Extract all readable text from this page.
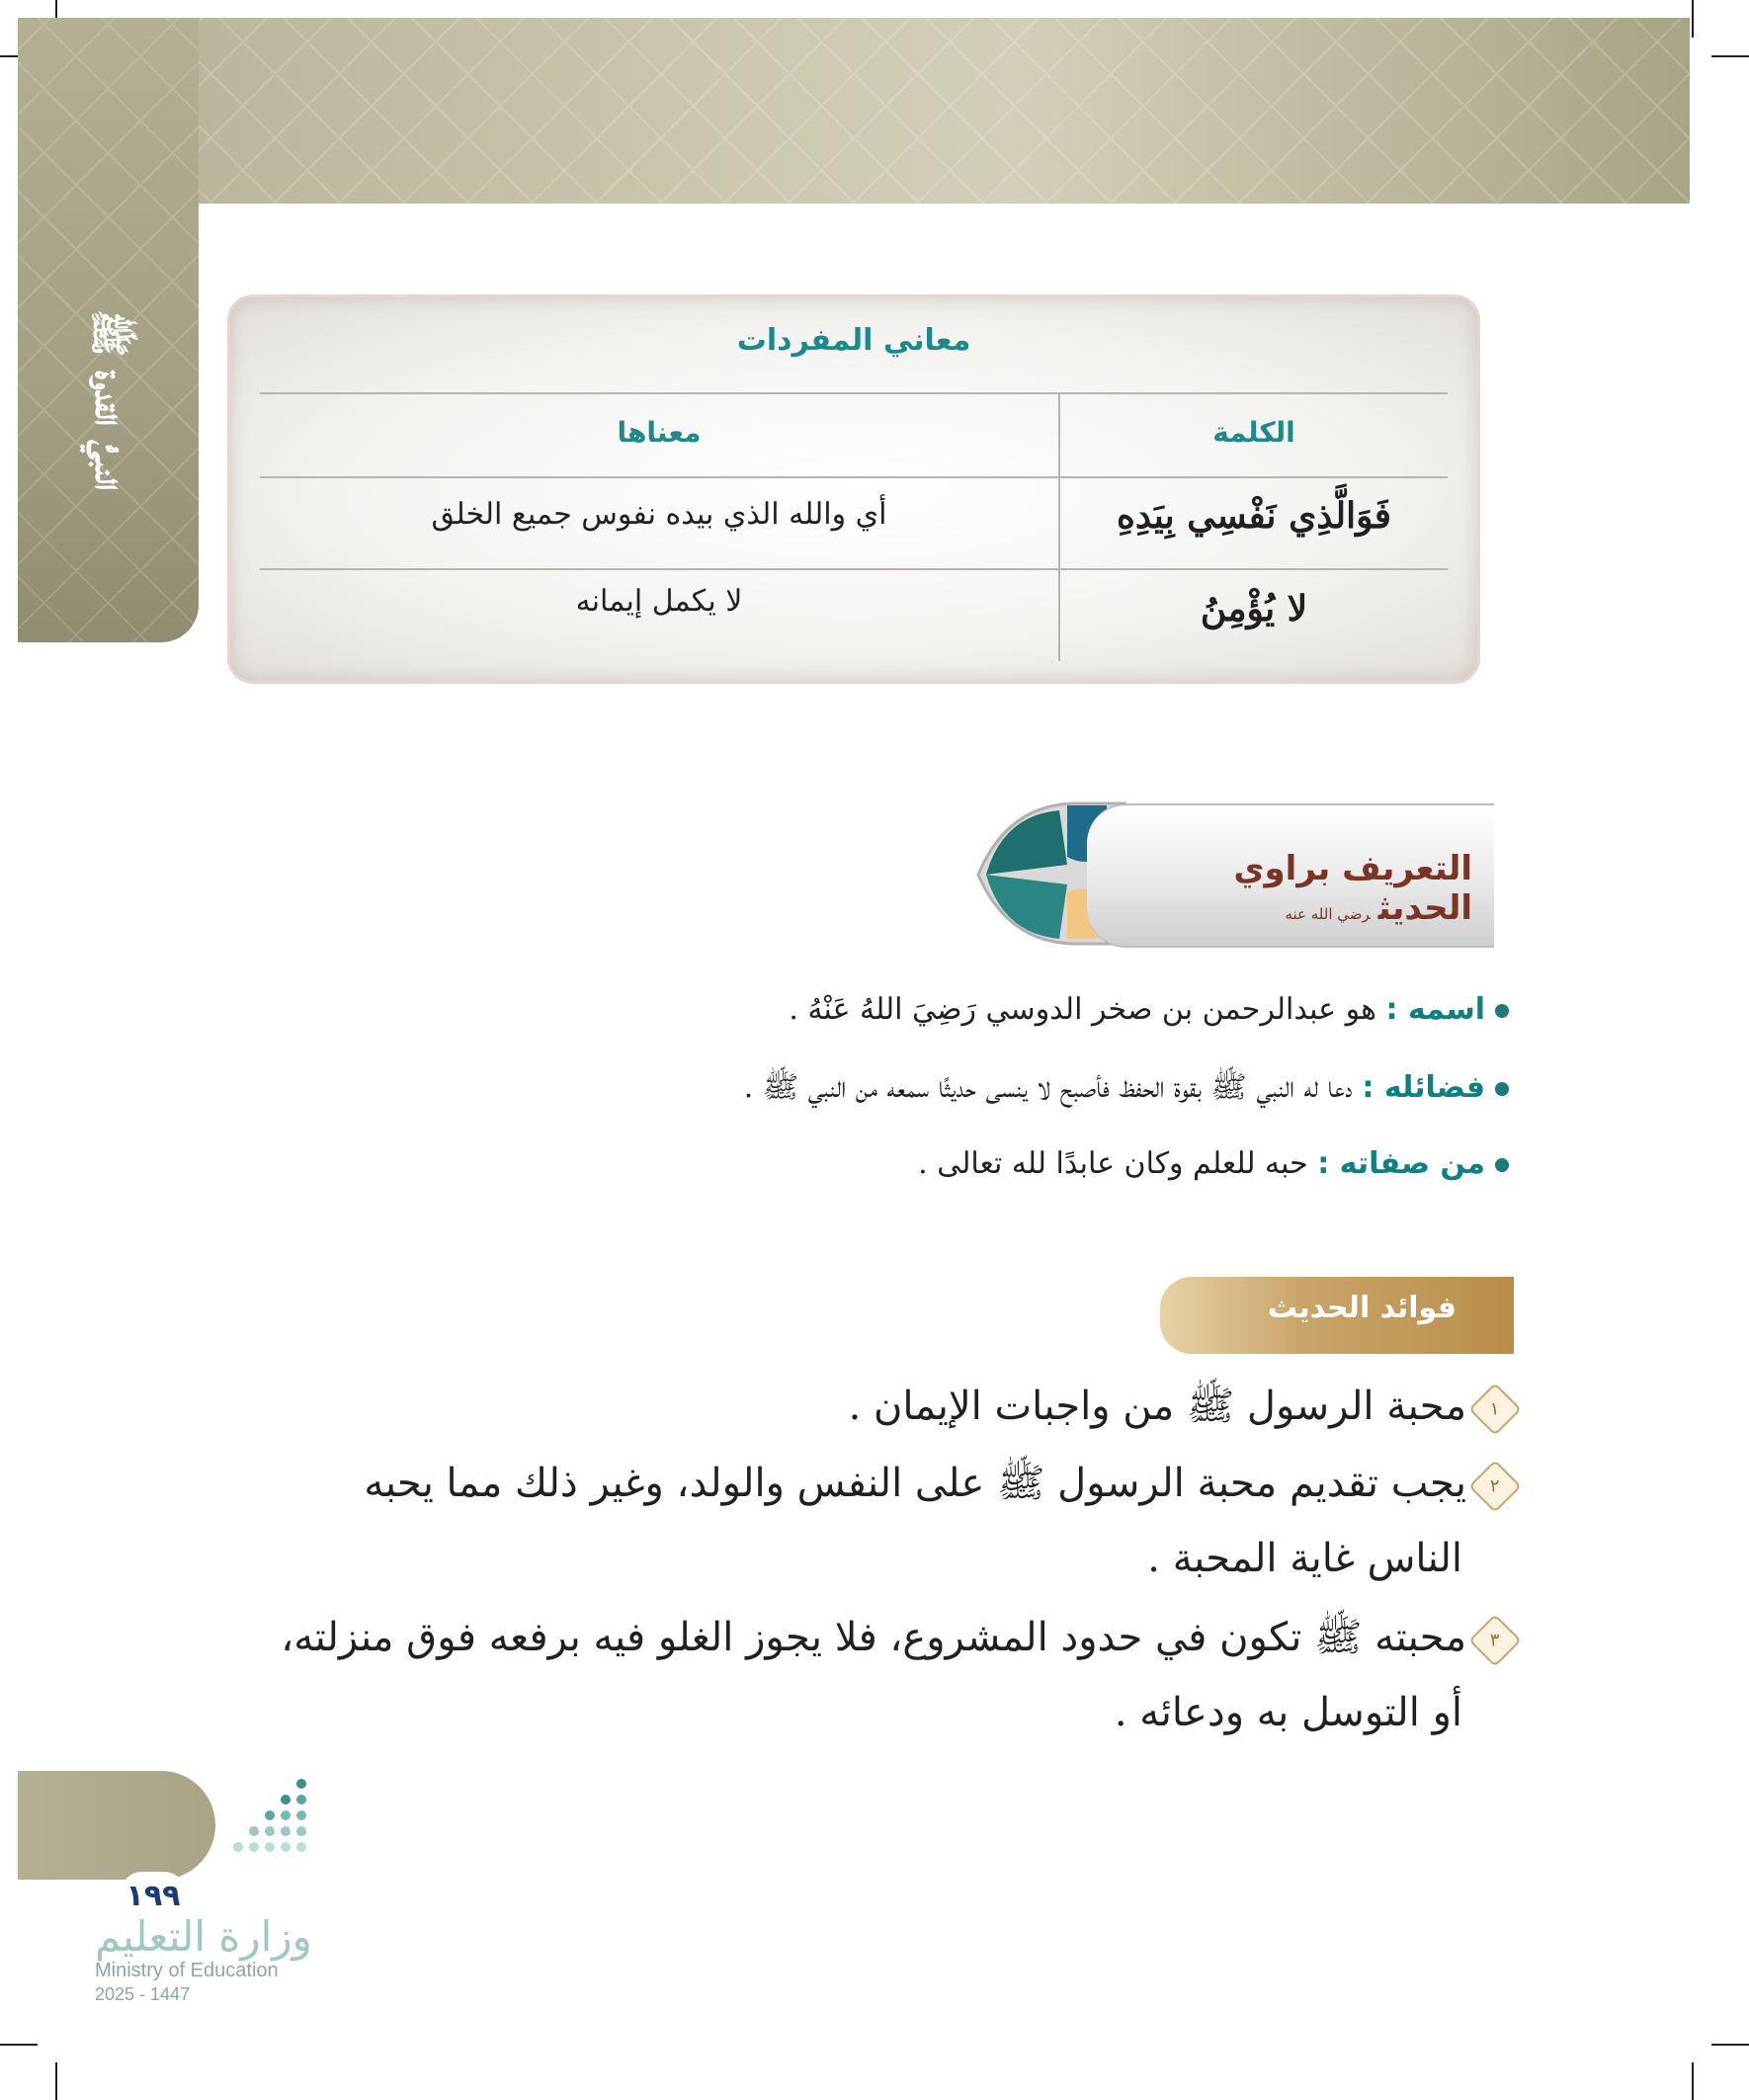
النبيُّ القدوة ﷺ	معاني المفردات
الكلمة
معناها
فَوَالَّذِي نَفْسِي بِيَدِهِ
أي والله الذي بيده نفوس جميع الخلق
لا يُؤْمِنُ
لا يكمل إيمانه
التعريف براوي الحديثرضي الله عنه
اسمه : هو عبدالرحمن بن صخر الدوسي رَضِيَ اللهُ عَنْهُ .
فضائله : دعا له النبي ﷺ بقوة الحفظ فأصبح لا ينسى حديثًا سمعه من النبي ﷺ .
من صفاته : حبه للعلم وكان عابدًا لله تعالى .
فوائد الحديث
١
محبة الرسول ﷺ من واجبات الإيمان .
٢
يجب تقديم محبة الرسول ﷺ على النفس والولد، وغير ذلك مما يحبه
الناس غاية المحبة .
٣
محبته ﷺ تكون في حدود المشروع، فلا يجوز الغلو فيه برفعه فوق منزلته،
أو التوسل به ودعائه .
١٩٩
وزارة التعليم
Ministry of Education
2025 - 1447
